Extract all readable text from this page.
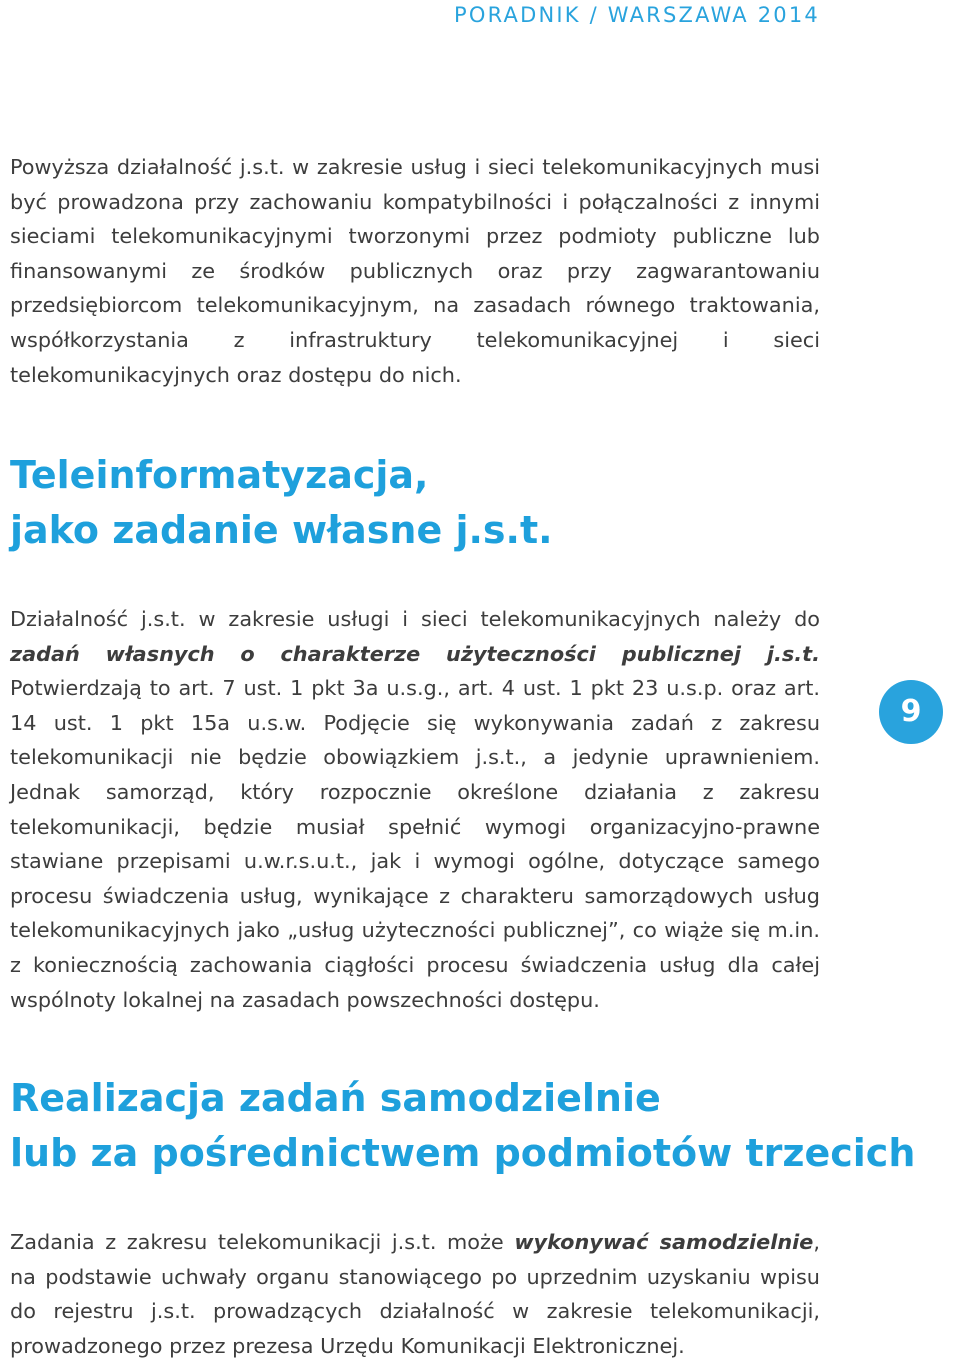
PORADNIK / WARSZAWA 2014

Powyższa działalność j.s.t. w zakresie usług i sieci telekomunikacyjnych musi być prowadzona przy zachowaniu kompatybilności i połączalności z innymi sieciami telekomunikacyjnymi tworzonymi przez podmioty publiczne lub finansowanymi ze środków publicznych oraz przy zagwarantowaniu przedsiębiorcom telekomunikacyjnym, na zasadach równego traktowania, współkorzystania z infrastruktury telekomunikacyjnej i sieci telekomunikacyjnych oraz dostępu do nich.

Teleinformatyzacja,
jako zadanie własne j.s.t.

Działalność j.s.t. w zakresie usługi i sieci telekomunikacyjnych należy do zadań własnych o charakterze użyteczności publicznej j.s.t. Potwierdzają to art. 7 ust. 1 pkt 3a u.s.g., art. 4 ust. 1 pkt 23 u.s.p. oraz art. 14 ust. 1 pkt 15a u.s.w. Podjęcie się wykonywania zadań z zakresu telekomunikacji nie będzie obowiązkiem j.s.t., a jedynie uprawnieniem. Jednak samorząd, który rozpocznie określone działania z zakresu telekomunikacji, będzie musiał spełnić wymogi organizacyjno-prawne stawiane przepisami u.w.r.s.u.t., jak i wymogi ogólne, dotyczące samego procesu świadczenia usług, wynikające z charakteru samorządowych usług telekomunikacyjnych jako „usług użyteczności publicznej”, co wiąże się m.in. z koniecznością zachowania ciągłości procesu świadczenia usług dla całej wspólnoty lokalnej na zasadach powszechności dostępu.

9
Realizacja zadań samodzielnie
lub za pośrednictwem podmiotów trzecich

Zadania z zakresu telekomunikacji j.s.t. może wykonywać samodzielnie, na podstawie uchwały organu stanowiącego po uprzednim uzyskaniu wpisu do rejestru j.s.t. prowadzących działalność w zakresie telekomunikacji, prowadzonego przez prezesa Urzędu Komunikacji Elektronicznej.
